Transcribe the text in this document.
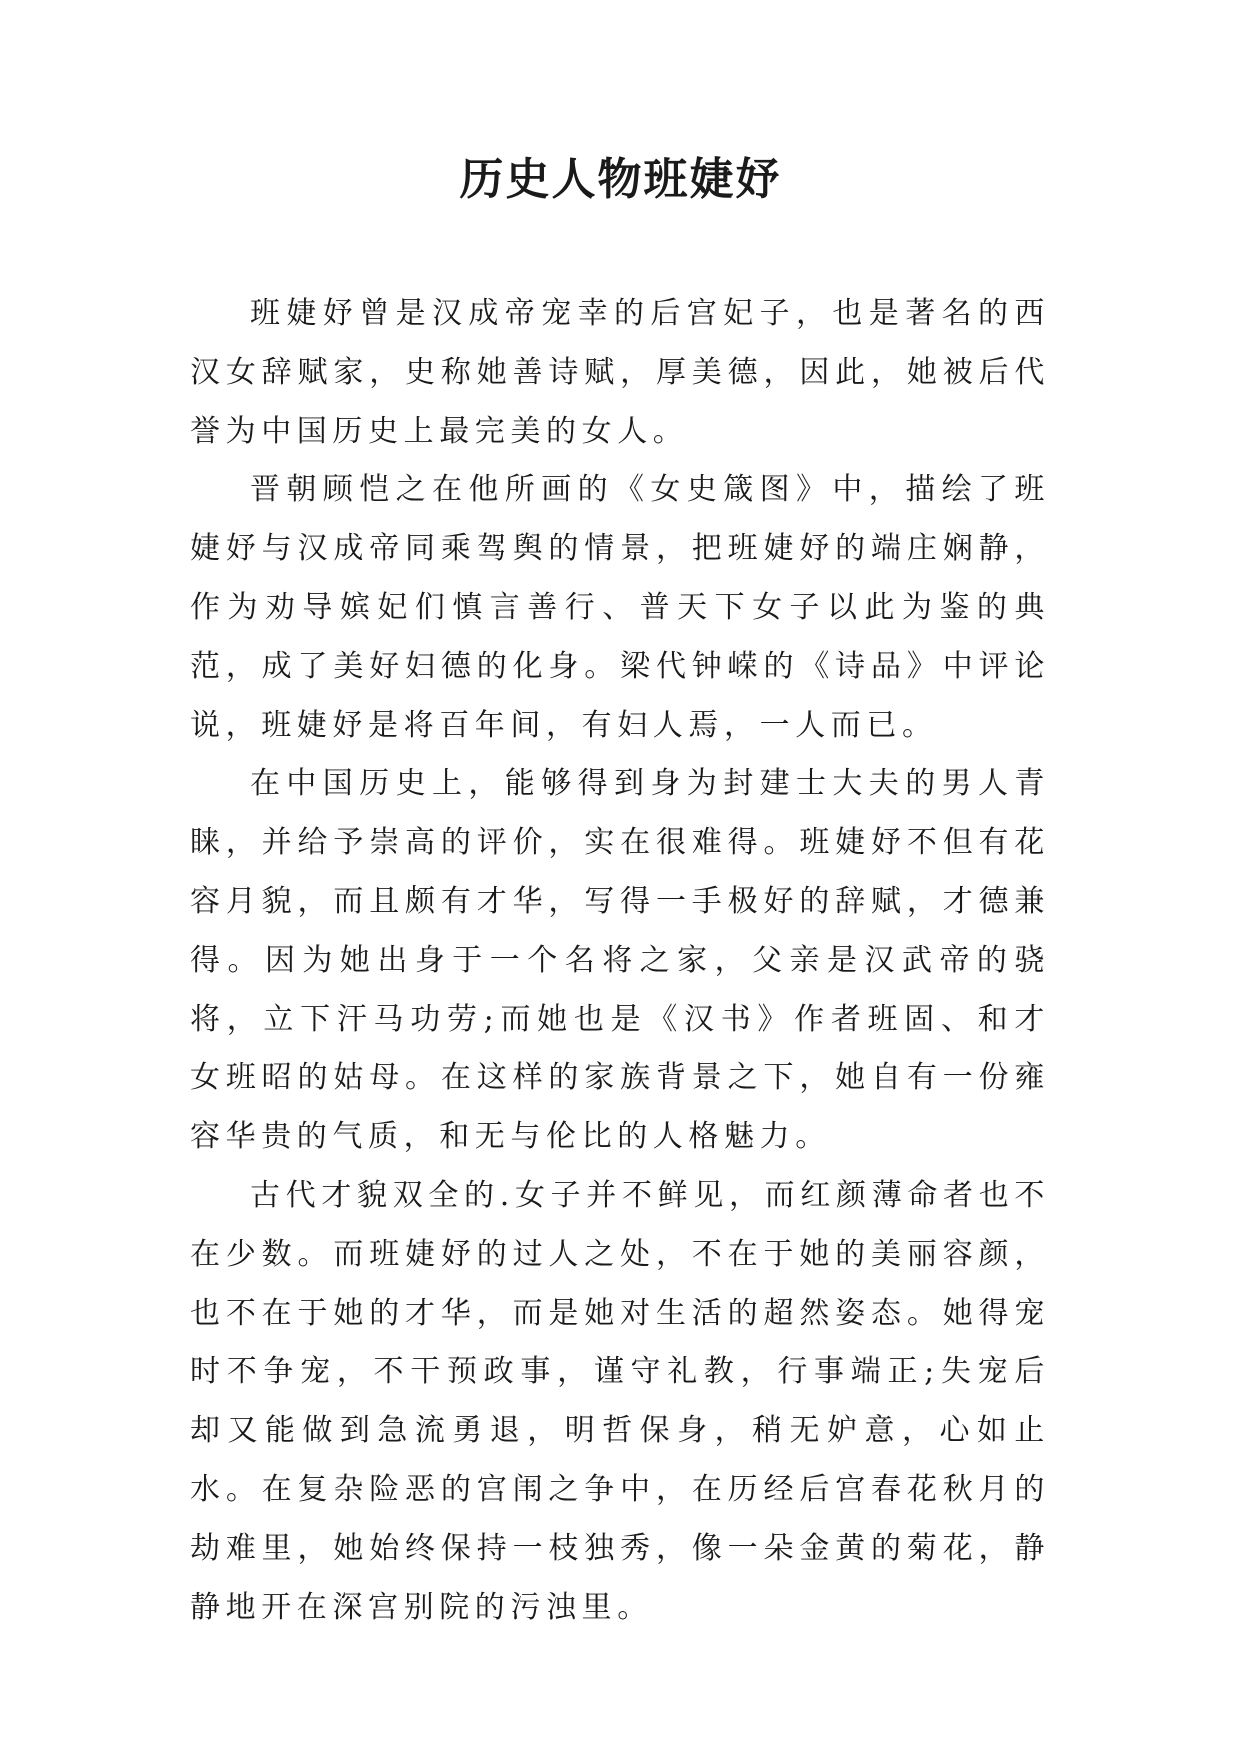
历史人物班婕妤

班婕妤曾是汉成帝宠幸的后宫妃子，也是著名的西汉女辞赋家，史称她善诗赋，厚美德，因此，她被后代誉为中国历史上最完美的女人。

晋朝顾恺之在他所画的《女史箴图》中，描绘了班婕妤与汉成帝同乘驾舆的情景，把班婕妤的端庄娴静，作为劝导嫔妃们慎言善行、普天下女子以此为鉴的典范，成了美好妇德的化身。梁代钟嵘的《诗品》中评论说，班婕妤是将百年间，有妇人焉，一人而已。

在中国历史上，能够得到身为封建士大夫的男人青睐，并给予崇高的评价，实在很难得。班婕妤不但有花容月貌，而且颇有才华，写得一手极好的辞赋，才德兼得。因为她出身于一个名将之家，父亲是汉武帝的骁将，立下汗马功劳;而她也是《汉书》作者班固、和才女班昭的姑母。在这样的家族背景之下，她自有一份雍容华贵的气质，和无与伦比的人格魅力。

古代才貌双全的.女子并不鲜见，而红颜薄命者也不在少数。而班婕妤的过人之处，不在于她的美丽容颜，也不在于她的才华，而是她对生活的超然姿态。她得宠时不争宠，不干预政事，谨守礼教，行事端正;失宠后却又能做到急流勇退，明哲保身，稍无妒意，心如止水。在复杂险恶的宫闱之争中，在历经后宫春花秋月的劫难里，她始终保持一枝独秀，像一朵金黄的菊花，静静地开在深宫别院的污浊里。
